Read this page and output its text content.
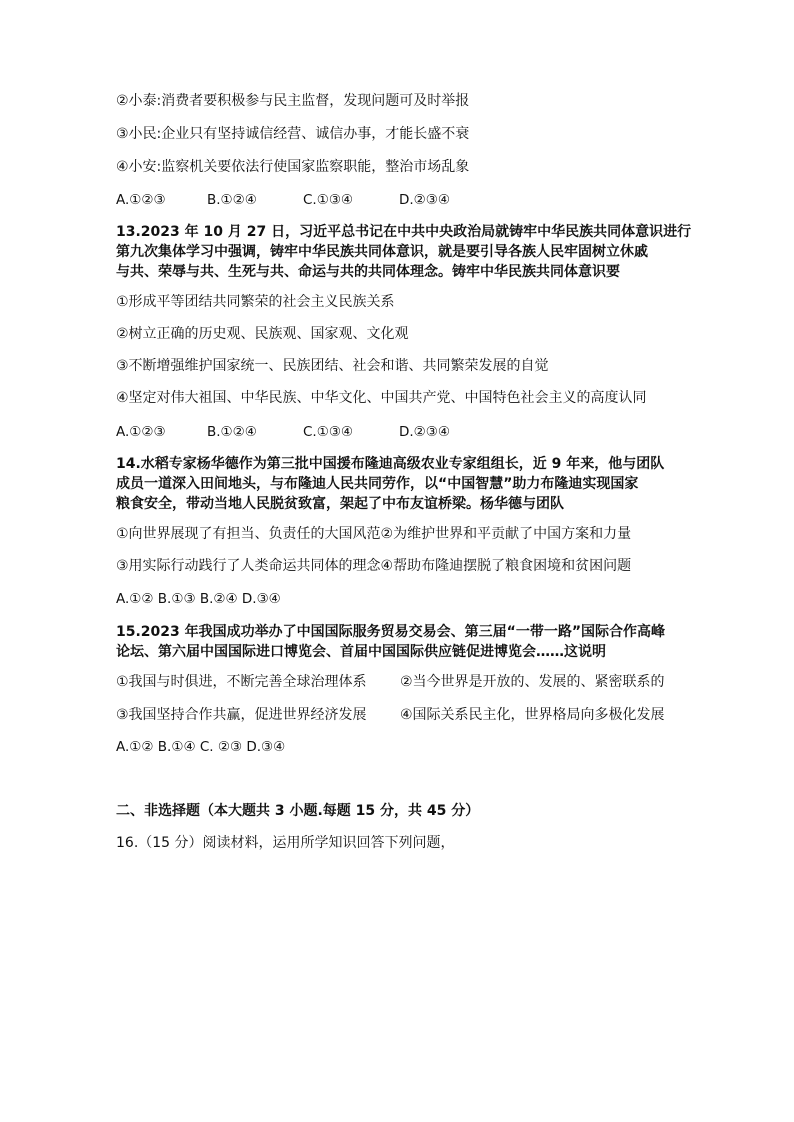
②小泰:消费者要积极参与民主监督，发现问题可及时举报
③小民:企业只有坚持诚信经营、诚信办事，才能长盛不衰
④小安:监察机关要依法行使国家监察职能，整治市场乱象
A.①②③	B.①②④	C.①③④	D.②③④
13.2023 年 10 月 27 日，习近平总书记在中共中央政治局就铸牢中华民族共同体意识进行
第九次集体学习中强调，铸牢中华民族共同体意识，就是要引导各族人民牢固树立休戚
与共、荣辱与共、生死与共、命运与共的共同体理念。铸牢中华民族共同体意识要
①形成平等团结共同繁荣的社会主义民族关系
②树立正确的历史观、民族观、国家观、文化观
③不断增强维护国家统一、民族团结、社会和谐、共同繁荣发展的自觉
④坚定对伟大祖国、中华民族、中华文化、中国共产党、中国特色社会主义的高度认同
A.①②③	B.①②④	C.①③④	D.②③④
14.水稻专家杨华德作为第三批中国援布隆迪高级农业专家组组长，近 9 年来，他与团队
成员一道深入田间地头，与布隆迪人民共同劳作，以“中国智慧”助力布隆迪实现国家
粮食安全，带动当地人民脱贫致富，架起了中布友谊桥梁。杨华德与团队
①向世界展现了有担当、负责任的大国风范②为维护世界和平贡献了中国方案和力量
③用实际行动践行了人类命运共同体的理念④帮助布隆迪摆脱了粮食困境和贫困问题
A.①② B.①③ B.②④ D.③④
15.2023 年我国成功举办了中国国际服务贸易交易会、第三届“一带一路”国际合作高峰
论坛、第六届中国国际进口博览会、首届中国国际供应链促进博览会……这说明
①我国与时俱进，不断完善全球治理体系 ②当今世界是开放的、发展的、紧密联系的
③我国坚持合作共赢，促进世界经济发展 ④国际关系民主化，世界格局向多极化发展
A.①② B.①④ C. ②③ D.③④
二、非选择题（本大题共 3 小题.每题 15 分，共 45 分）
16.（15 分）阅读材料，运用所学知识回答下列问题，
